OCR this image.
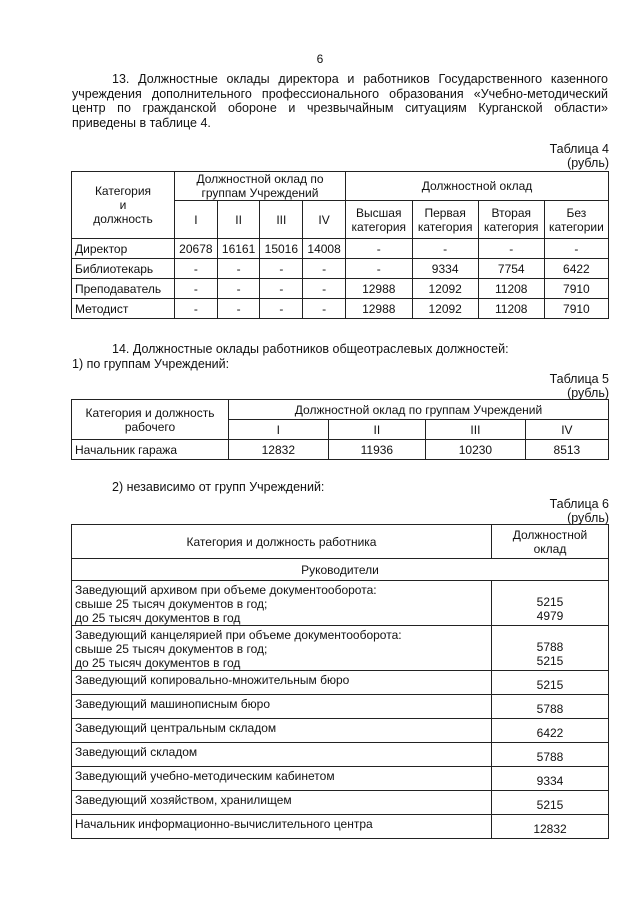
6
13. Должностные оклады директора и работников Государственного казенного учреждения дополнительного профессионального образования «Учебно-методический центр по гражданской обороне и чрезвычайным ситуациям Курганской области» приведены в таблице 4.
Таблица 4
(рубль)
Категория
и
должность	Должностной оклад по группам Учреждений				Должностной оклад			
	I	II	III	IV	Высшая категория	Первая категория	Вторая категория	Без категории
Директор	20678	16161	15016	14008	-	-	-	-
Библиотекарь	-	-	-	-	-	9334	7754	6422
Преподаватель	-	-	-	-	12988	12092	11208	7910
Методист	-	-	-	-	12988	12092	11208	7910
14. Должностные оклады работников общеотраслевых должностей:
1) по группам Учреждений:
Таблица 5
(рубль)
Категория и должность рабочего	Должностной оклад по группам Учреждений			
	I	II	III	IV
Начальник гаража	12832	11936	10230	8513
2) независимо от групп Учреждений:
Таблица 6
(рубль)
Категория и должность работника	Должностной оклад
Руководители	
Заведующий архивом при объеме документооборота:
свыше 25 тысяч документов в год;
до 25 тысяч документов в год	5215
4979
Заведующий канцелярией при объеме документооборота:
свыше 25 тысяч документов в год;
до 25 тысяч документов в год	5788
5215
Заведующий копировально-множительным бюро	5215
Заведующий машинописным бюро	5788
Заведующий центральным складом	6422
Заведующий складом	5788
Заведующий учебно-методическим кабинетом	9334
Заведующий хозяйством, хранилищем	5215
Начальник информационно-вычислительного центра	12832
